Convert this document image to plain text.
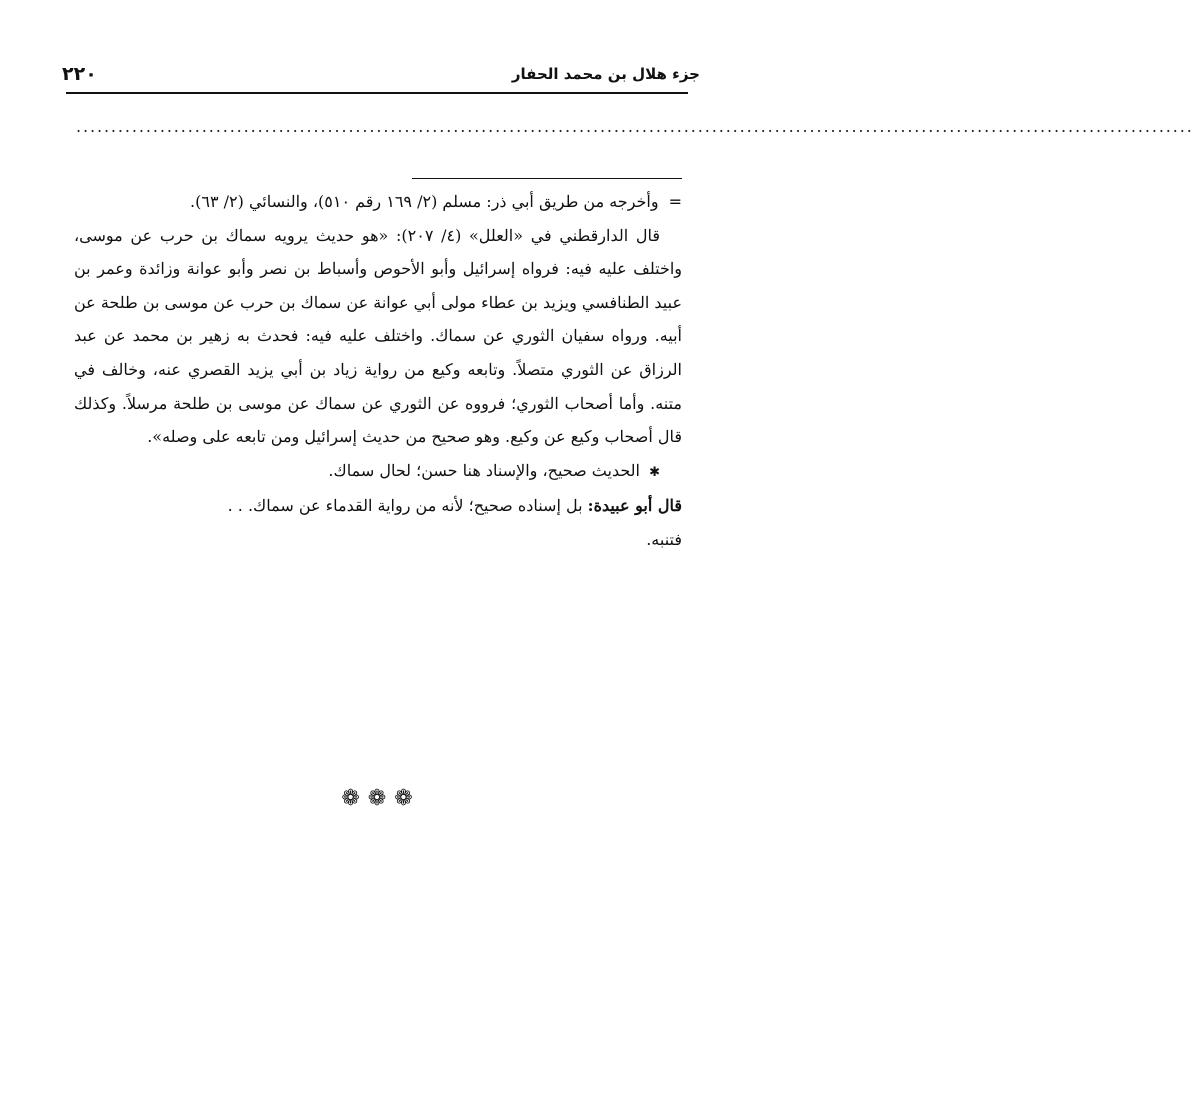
جزء هلال بن محمد الحفار
٢٢٠
................................................................................................................................................................

=
وأخرجه من طريق أبي ذر: مسلم (٢/ ١٦٩ رقم ٥١٠)، والنسائي (٢/ ٦٣).

قال الدارقطني في «العلل» (٤/ ٢٠٧): «هو حديث يرويه سماك بن حرب عن موسى، واختلف عليه فيه: فرواه إسرائيل وأبو الأحوص وأسباط بن نصر وأبو عوانة وزائدة وعمر بن عبيد الطنافسي ويزيد بن عطاء مولى أبي عوانة عن سماك بن حرب عن موسى بن طلحة عن أبيه. ورواه سفيان الثوري عن سماك. واختلف عليه فيه: فحدث به زهير بن محمد عن عبد الرزاق عن الثوري متصلاً. وتابعه وكيع من رواية زياد بن أبي يزيد القصري عنه، وخالف في متنه. وأما أصحاب الثوري؛ فرووه عن الثوري عن سماك عن موسى بن طلحة مرسلاً. وكذلك قال أصحاب وكيع عن وكيع. وهو صحيح من حديث إسرائيل ومن تابعه على وصله».

✱ الحديث صحيح، والإسناد هنا حسن؛ لحال سماك.

قال أبو عبيدة: بل إسناده صحيح؛ لأنه من رواية القدماء عن سماك. . .

فتنبه.

❁❁❁
